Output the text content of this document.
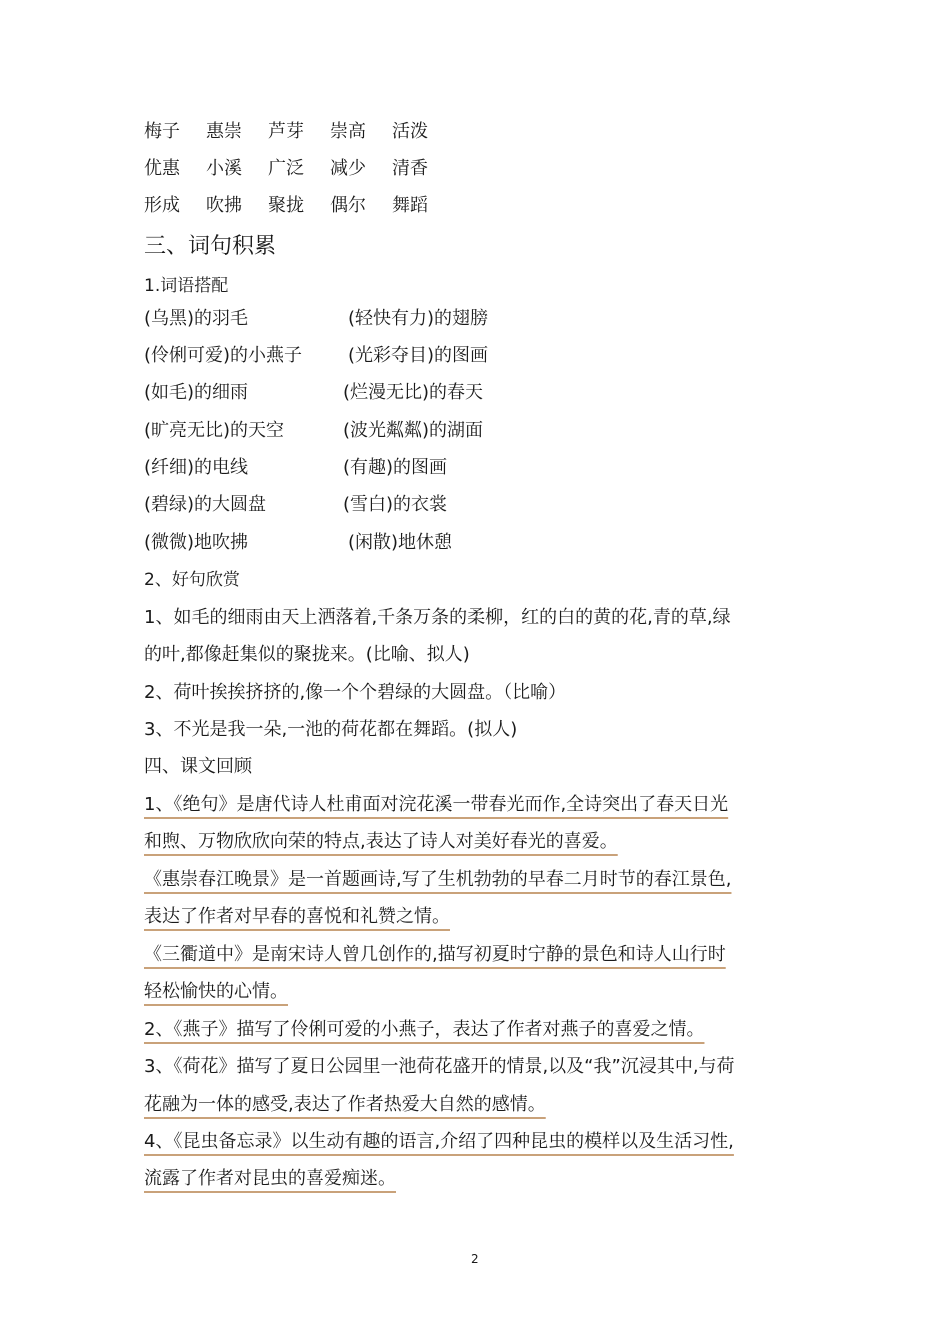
梅子 惠崇 芦芽 崇高 活泼
优惠 小溪 广泛 减少 清香
形成 吹拂 聚拢 偶尔 舞蹈
三、词句积累
1.词语搭配
(乌黑)的羽毛	(轻快有力)的翅膀
(伶俐可爱)的小燕子	(光彩夺目)的图画
(如毛)的细雨	(烂漫无比)的春天
(旷亮无比)的天空	(波光粼粼)的湖面
(纤细)的电线	(有趣)的图画
(碧绿)的大圆盘	(雪白)的衣裳
(微微)地吹拂	(闲散)地休憩
2、好句欣赏
1、如毛的细雨由天上洒落着,千条万条的柔柳，红的白的黄的花,青的草,绿
的叶,都像赶集似的聚拢来。(比喻、拟人)
2、荷叶挨挨挤挤的,像一个个碧绿的大圆盘。（比喻）
3、不光是我一朵,一池的荷花都在舞蹈。(拟人)
四、课文回顾
1、《绝句》是唐代诗人杜甫面对浣花溪一带春光而作,全诗突出了春天日光
和煦、万物欣欣向荣的特点,表达了诗人对美好春光的喜爱。
《惠崇春江晚景》是一首题画诗,写了生机勃勃的早春二月时节的春江景色,
表达了作者对早春的喜悦和礼赞之情。
《三衢道中》是南宋诗人曾几创作的,描写初夏时宁静的景色和诗人山行时
轻松愉快的心情。
2、《燕子》描写了伶俐可爱的小燕子，表达了作者对燕子的喜爱之情。
3、《荷花》描写了夏日公园里一池荷花盛开的情景,以及“我”沉浸其中,与荷
花融为一体的感受,表达了作者热爱大自然的感情。
4、《昆虫备忘录》以生动有趣的语言,介绍了四种昆虫的模样以及生活习性,
流露了作者对昆虫的喜爱痴迷。
2
